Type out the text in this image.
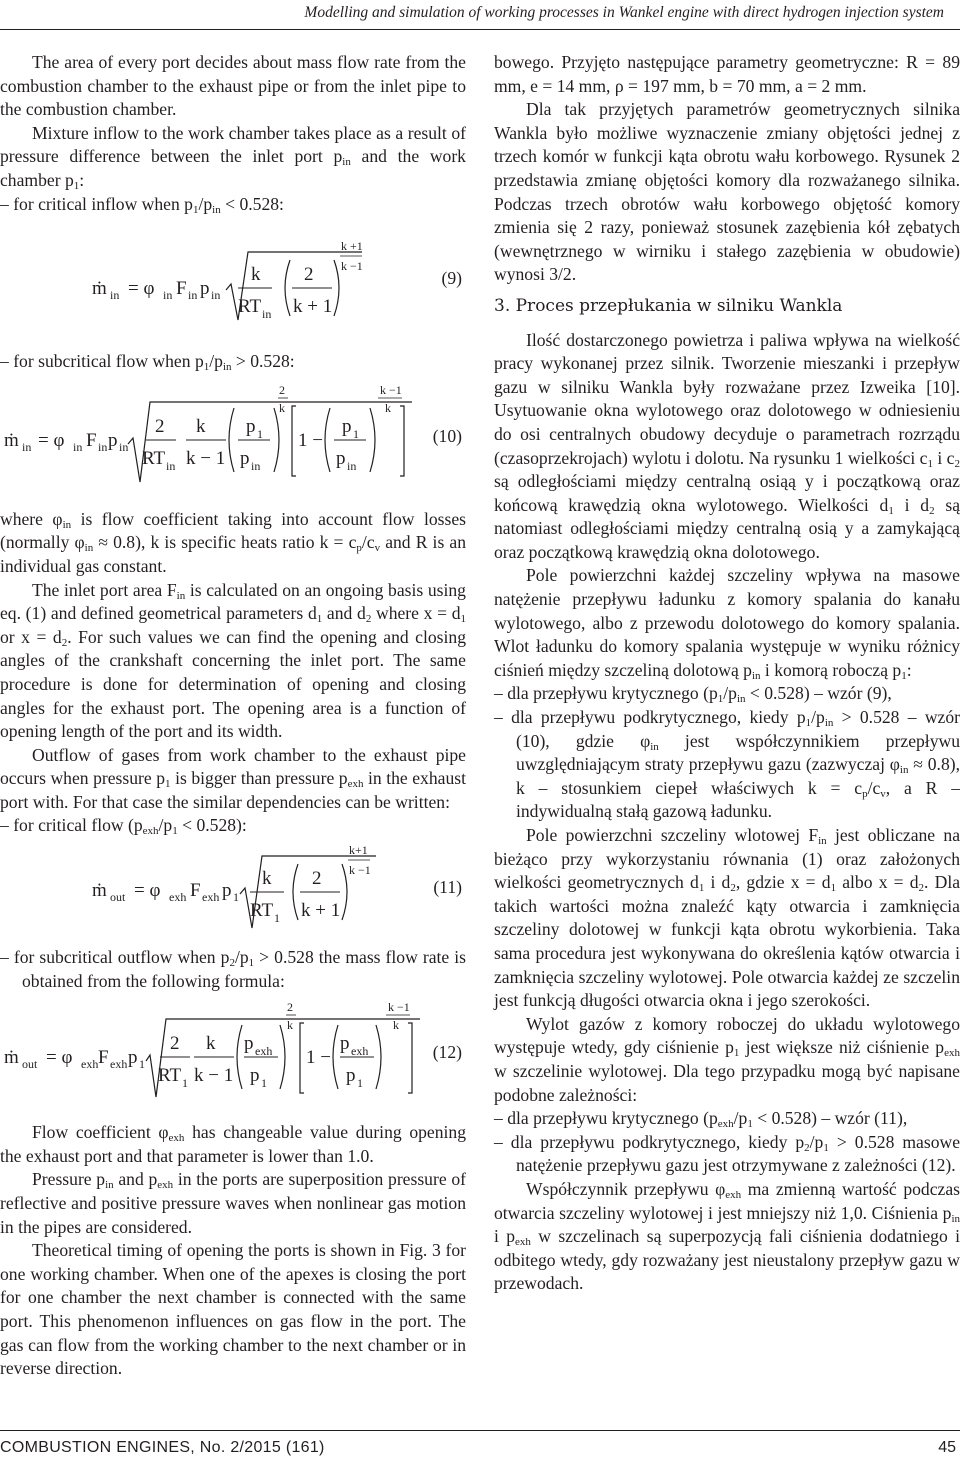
Modelling and simulation of working processes in Wankel engine with direct hydrogen injection system

The area of every port decides about mass flow rate from the combustion chamber to the exhaust pipe or from the inlet pipe to the combustion chamber.

Mixture inflow to the work chamber takes place as a result of pressure difference between the inlet port $p_{in}$ and the work chamber $p_1$:

– for critical inflow when $p_1/p_{in} < 0.528$:

ṁ in = φ in F in p in
k
RT in
2
k + 1
k +1
k −1
(9)

– for subcritical flow when $p_1/p_{in} > 0.528$:

ṁ in = φ in F in p in
2
RT in
k
k − 1
p 1
p in
2
k
1 −
p 1
p in
k −1
k
(10)

where $\varphi_{in}$ is flow coefficient taking into account flow losses (normally $\varphi_{in} \approx 0.8$), k is specific heats ratio $k = c_p/c_v$ and R is an individual gas constant.

The inlet port area $F_{in}$ is calculated on an ongoing basis using eq. (1) and defined geometrical parameters $d_1$ and $d_2$ where $x = d_1$ or $x = d_2$. For such values we can find the opening and closing angles of the crankshaft concerning the inlet port. The same procedure is done for determination of opening and closing angles for the exhaust port. The opening area is a function of opening length of the port and its width.

Outflow of gases from work chamber to the exhaust pipe occurs when pressure $p_1$ is bigger than pressure $p_{exh}$ in the exhaust port with. For that case the similar dependencies can be written:

– for critical flow $(p_{exh}/p_1 < 0.528)$:

ṁ out = φ exh F exh p 1
k
RT 1
2
k + 1
k+1
k −1
(11)

– for subcritical outflow when $p_2/p_1 > 0.528$ the mass flow rate is obtained from the following formula:

ṁ out = φ exh F exh p 1
2
RT 1
k
k − 1
p exh
p 1
2
k
1 −
p exh
p 1
k −1
k
(12)

Flow coefficient $\varphi_{exh}$ has changeable value during opening the exhaust port and that parameter is lower than 1.0.

Pressure $p_{in}$ and $p_{exh}$ in the ports are superposition pressure of reflective and positive pressure waves when nonlinear gas motion in the pipes are considered.

Theoretical timing of opening the ports is shown in Fig. 3 for one working chamber. When one of the apexes is closing the port for one chamber the next chamber is connected with the same port. This phenomenon influences on gas flow in the port. The gas can flow from the working chamber to the next chamber or in reverse direction.

bowego. Przyjęto następujące parametry geometryczne: R = 89 mm, e = 14 mm, ρ = 197 mm, b = 70 mm, a = 2 mm.

Dla tak przyjętych parametrów geometrycznych silnika Wankla było możliwe wyznaczenie zmiany objętości jednej z trzech komór w funkcji kąta obrotu wału korbowego. Rysunek 2 przedstawia zmianę objętości komory dla rozważanego silnika. Podczas trzech obrotów wału korbowego objętość komory zmienia się 2 razy, ponieważ stosunek zazębienia kół zębatych (wewnętrznego w wirniku i stałego zazębienia w obudowie) wynosi 3/2.

3. Proces przepłukania w silniku Wankla

Ilość dostarczonego powietrza i paliwa wpływa na wielkość pracy wykonanej przez silnik. Tworzenie mieszanki i przepływ gazu w silniku Wankla były rozważane przez Izweika [10]. Usytuowanie okna wylotowego oraz dolotowego w odniesieniu do osi centralnych obudowy decyduje o parametrach rozrządu (czasoprzekrojach) wylotu i dolotu. Na rysunku 1 wielkości $c_1$ i $c_2$ są odległościami między centralną osiąą y i początkową oraz końcową krawędzią okna wylotowego. Wielkości $d_1$ i $d_2$ są natomiast odległościami między centralną osią y a zamykającą oraz początkową krawędzią okna dolotowego.

Pole powierzchni każdej szczeliny wpływa na masowe natężenie przepływu ładunku z komory spalania do kanału wylotowego, albo z przewodu dolotowego do komory spalania. Wlot ładunku do komory spalania występuje w wyniku różnicy ciśnień między szczeliną dolotową $p_{in}$ i komorą roboczą $p_1$:

– dla przepływu krytycznego $(p_1/p_{in} < 0.528)$ – wzór (9),

– dla przepływu podkrytycznego, kiedy $p_1/p_{in} > 0.528$ – wzór (10), gdzie $\varphi_{in}$ jest współczynnikiem przepływu uwzględniającym straty przepływu gazu (zazwyczaj $\varphi_{in} \approx 0.8$), k – stosunkiem ciepeł właściwych $k = c_p/c_v$, a R – indywidualną stałą gazową ładunku.

Pole powierzchni szczeliny wlotowej $F_{in}$ jest obliczane na bieżąco przy wykorzystaniu równania (1) oraz założonych wielkości geometrycznych $d_1$ i $d_2$, gdzie $x = d_1$ albo $x = d_2$. Dla takich wartości można znaleźć kąty otwarcia i zamknięcia szczeliny dolotowej w funkcji kąta obrotu wykorbienia. Taka sama procedura jest wykonywana do określenia kątów otwarcia i zamknięcia szczeliny wylotowej. Pole otwarcia każdej ze szczelin jest funkcją długości otwarcia okna i jego szerokości.

Wylot gazów z komory roboczej do układu wylotowego występuje wtedy, gdy ciśnienie $p_1$ jest większe niż ciśnienie $p_{exh}$ w szczelinie wylotowej. Dla tego przypadku mogą być napisane podobne zależności:

– dla przepływu krytycznego $(p_{exh}/p_1 < 0.528)$ – wzór (11),

– dla przepływu podkrytycznego, kiedy $p_2/p_1 > 0.528$ masowe natężenie przepływu gazu jest otrzymywane z zależności (12).

Współczynnik przepływu $\varphi_{exh}$ ma zmienną wartość podczas otwarcia szczeliny wylotowej i jest mniejszy niż 1,0. Ciśnienia $p_{in}$ i $p_{exh}$ w szczelinach są superpozycją fali ciśnienia dodatniego i odbitego wtedy, gdy rozważany jest nieustalony przepływ gazu w przewodach.

COMBUSTION ENGINES, No. 2/2015 (161)	45
